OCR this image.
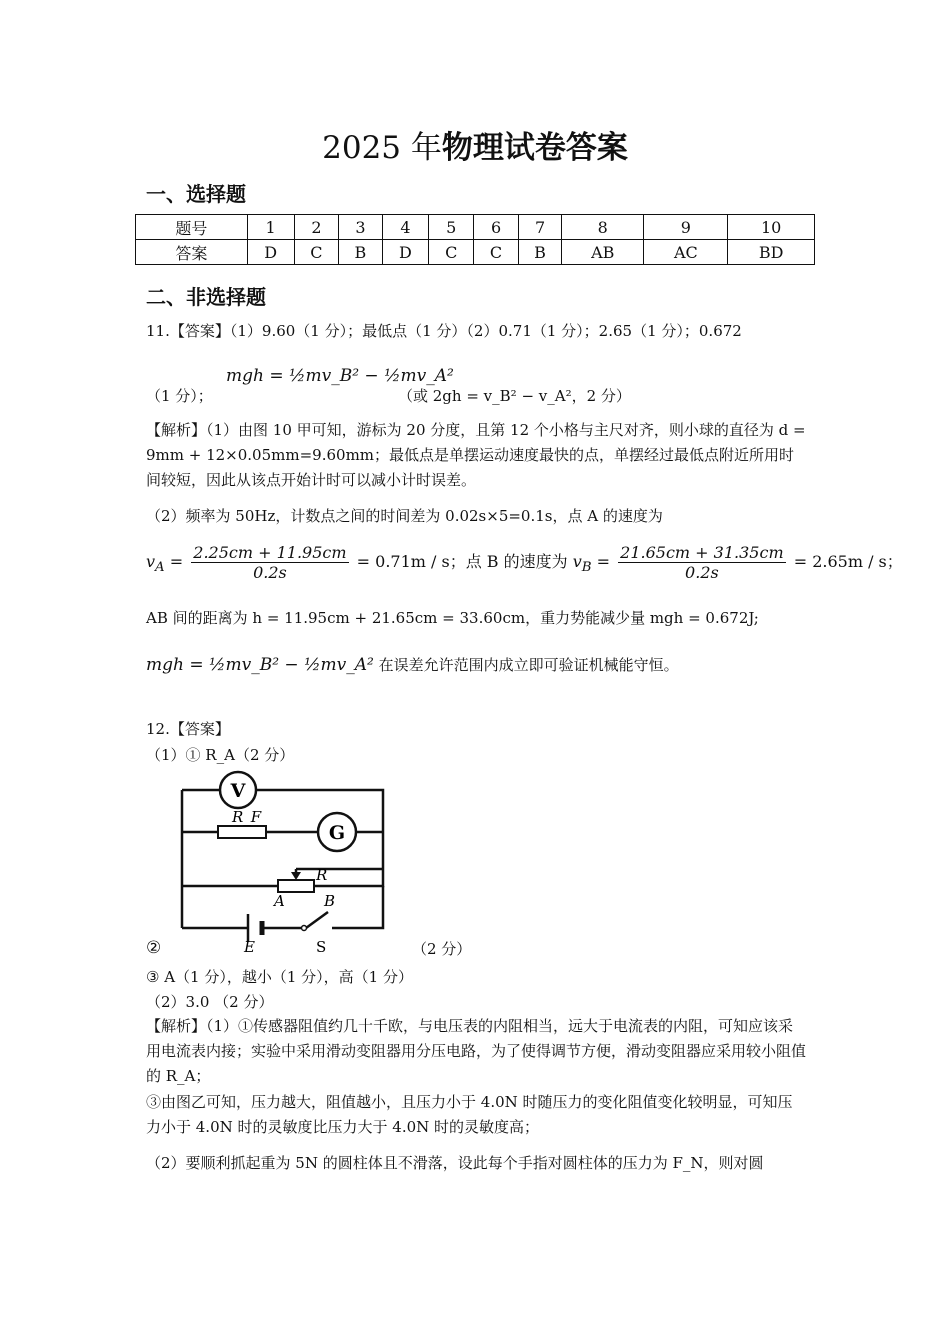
2025 年物理试卷答案
一、选择题
题号	1	2	3	4	5	6	7	8	9	10
答案	D	C	B	D	C	C	B	AB	AC	BD
二、非选择题
11.【答案】（1）9.60（1 分）；最低点（1 分）（2）0.71（1 分）；2.65（1 分）；0.672
（1 分）；
mgh = ½mv_B² − ½mv_A²
（或 2gh = v_B² − v_A²，2 分）
【解析】（1）由图 10 甲可知，游标为 20 分度，且第 12 个小格与主尺对齐，则小球的直径为 d = 9mm + 12×0.05mm=9.60mm；最低点是单摆运动速度最快的点，单摆经过最低点附近所用时间较短，因此从该点开始计时可以减小计时误差。
（2）频率为 50Hz，计数点之间的时间差为 0.02s×5=0.1s，点 A 的速度为
$v_A = \frac{2.25cm + 11.95cm}{0.2s} = 0.71m / s$；点 B 的速度为 $v_B = \frac{21.65cm + 31.35cm}{0.2s} = 2.65m / s$；
AB 间的距离为 h = 11.95cm + 21.65cm = 33.60cm，重力势能减少量 mgh = 0.672J;
mgh = ½mv_B² − ½mv_A² 在误差允许范围内成立即可验证机械能守恒。
12.【答案】
（1）① R_A（2 分）
V
R_F
G
R
A	B
E	S
②	（2 分）
③ A（1 分），越小（1 分），高（1 分）
（2）3.0 （2 分）
【解析】（1）①传感器阻值约几十千欧，与电压表的内阻相当，远大于电流表的内阻，可知应该采用电流表内接；实验中采用滑动变阻器用分压电路，为了使得调节方便，滑动变阻器应采用较小阻值的 R_A；
③由图乙可知，压力越大，阻值越小，且压力小于 4.0N 时随压力的变化阻值变化较明显，可知压力小于 4.0N 时的灵敏度比压力大于 4.0N 时的灵敏度高；
（2）要顺利抓起重为 5N 的圆柱体且不滑落，设此每个手指对圆柱体的压力为 F_N，则对圆
